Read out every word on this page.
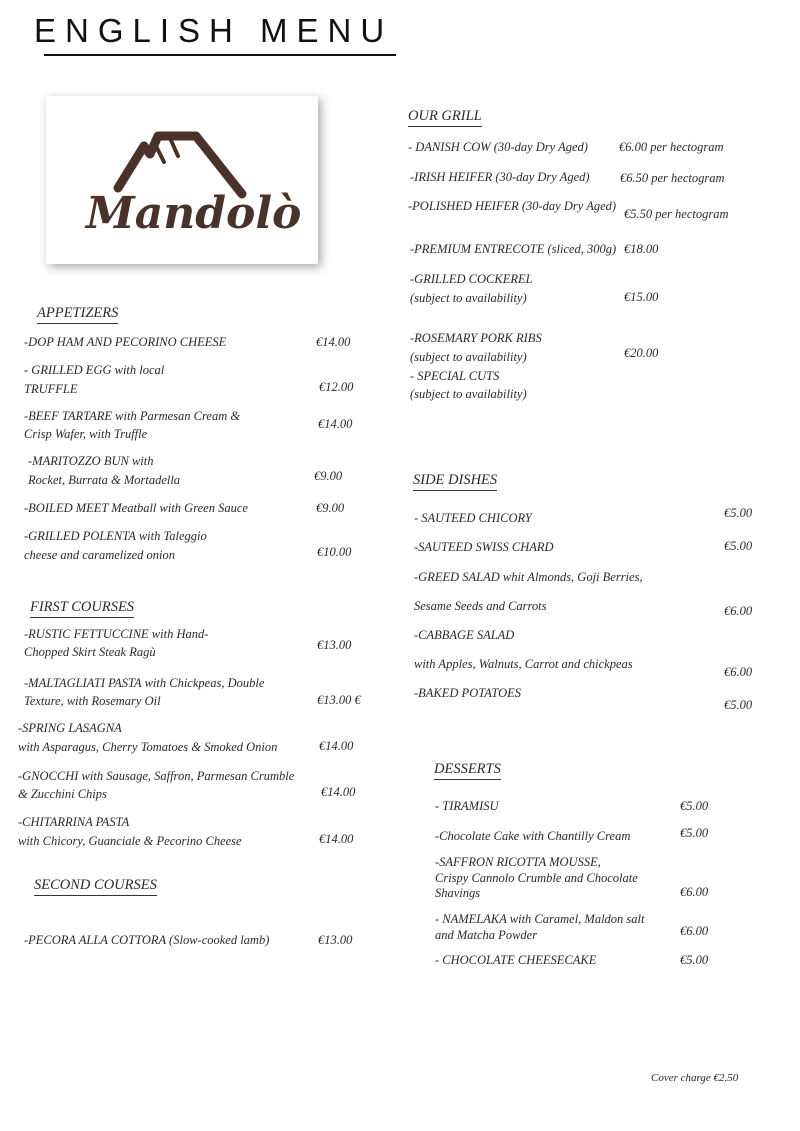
ENGLISH MENU
Mandolò
Cover charge €2.50
APPETIZERS
-DOP HAM AND PECORINO CHEESE	€14.00
- GRILLED EGG with local
TRUFFLE	€12.00
-BEEF TARTARE with Parmesan Cream &
Crisp Wafer, with Truffle
€14.00
-MARITOZZO BUN with
Rocket, Burrata & Mortadella	€9.00
-BOILED MEET Meatball with Green Sauce	€9.00
-GRILLED POLENTA with Taleggio
cheese and caramelized onion	€10.00
FIRST COURSES
-RUSTIC FETTUCCINE with Hand-
Chopped Skirt Steak Ragù	€13.00
-MALTAGLIATI PASTA with Chickpeas, Double
Texture, with Rosemary Oil	€13.00 €
-SPRING LASAGNA
with Asparagus, Cherry Tomatoes & Smoked Onion	€14.00
-GNOCCHI with Sausage, Saffron, Parmesan Crumble
& Zucchini Chips	€14.00
-CHITARRINA PASTA
with Chicory, Guanciale & Pecorino Cheese	€14.00
SECOND COURSES
-PECORA ALLA COTTORA (Slow-cooked lamb)	€13.00
OUR GRILL
- DANISH COW (30-day Dry Aged) €6.00 per hectogram
-IRISH HEIFER (30-day Dry Aged) €6.50 per hectogram
-POLISHED HEIFER (30-day Dry Aged)
€5.50 per hectogram
-PREMIUM ENTRECOTE (sliced, 300g) €18.00
-GRILLED COCKEREL
(subject to availability)	€15.00
-ROSEMARY PORK RIBS
(subject to availability)	€20.00
- SPECIAL CUTS
(subject to availability)
SIDE DISHES
- SAUTEED CHICORY	€5.00
-SAUTEED SWISS CHARD	€5.00
-GREED SALAD whit Almonds, Goji Berries,
Sesame Seeds and Carrots	€6.00
-CABBAGE SALAD
with Apples, Walnuts, Carrot and chickpeas
€6.00
-BAKED POTATOES
€5.00
DESSERTS
- TIRAMISU	€5.00
-Chocolate Cake with Chantilly Cream	€5.00
-SAFFRON RICOTTA MOUSSE,
Crispy Cannolo Crumble and Chocolate
Shavings	€6.00
- NAMELAKA with Caramel, Maldon salt
and Matcha Powder	€6.00
- CHOCOLATE CHEESECAKE	€5.00
